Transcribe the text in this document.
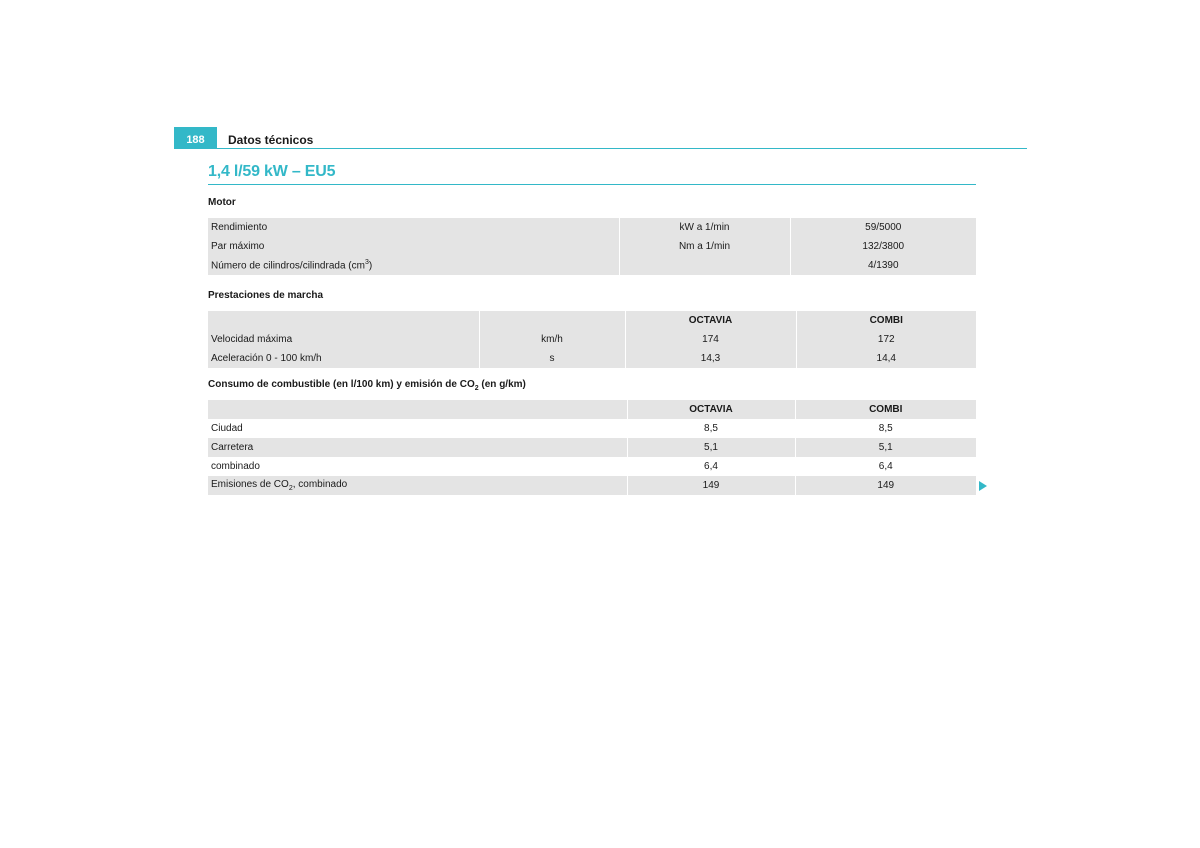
188	Datos técnicos
1,4 l/59 kW – EU5
Motor
Rendimiento	kW a 1/min	59/5000
Par máximo	Nm a 1/min	132/3800
Número de cilindros/cilindrada $(cm^3)$		4/1390
Prestaciones de marcha
		OCTAVIA	COMBI
Velocidad máxima	km/h	174	172
Aceleración 0 - 100 km/h	s	14,3	14,4
Consumo de combustible (en l/100 km) y emisión de $CO_2$ (en g/km)
	OCTAVIA	COMBI
Ciudad	8,5	8,5
Carretera	5,1	5,1
combinado	6,4	6,4
Emisiones de $CO_2$, combinado	149	149
